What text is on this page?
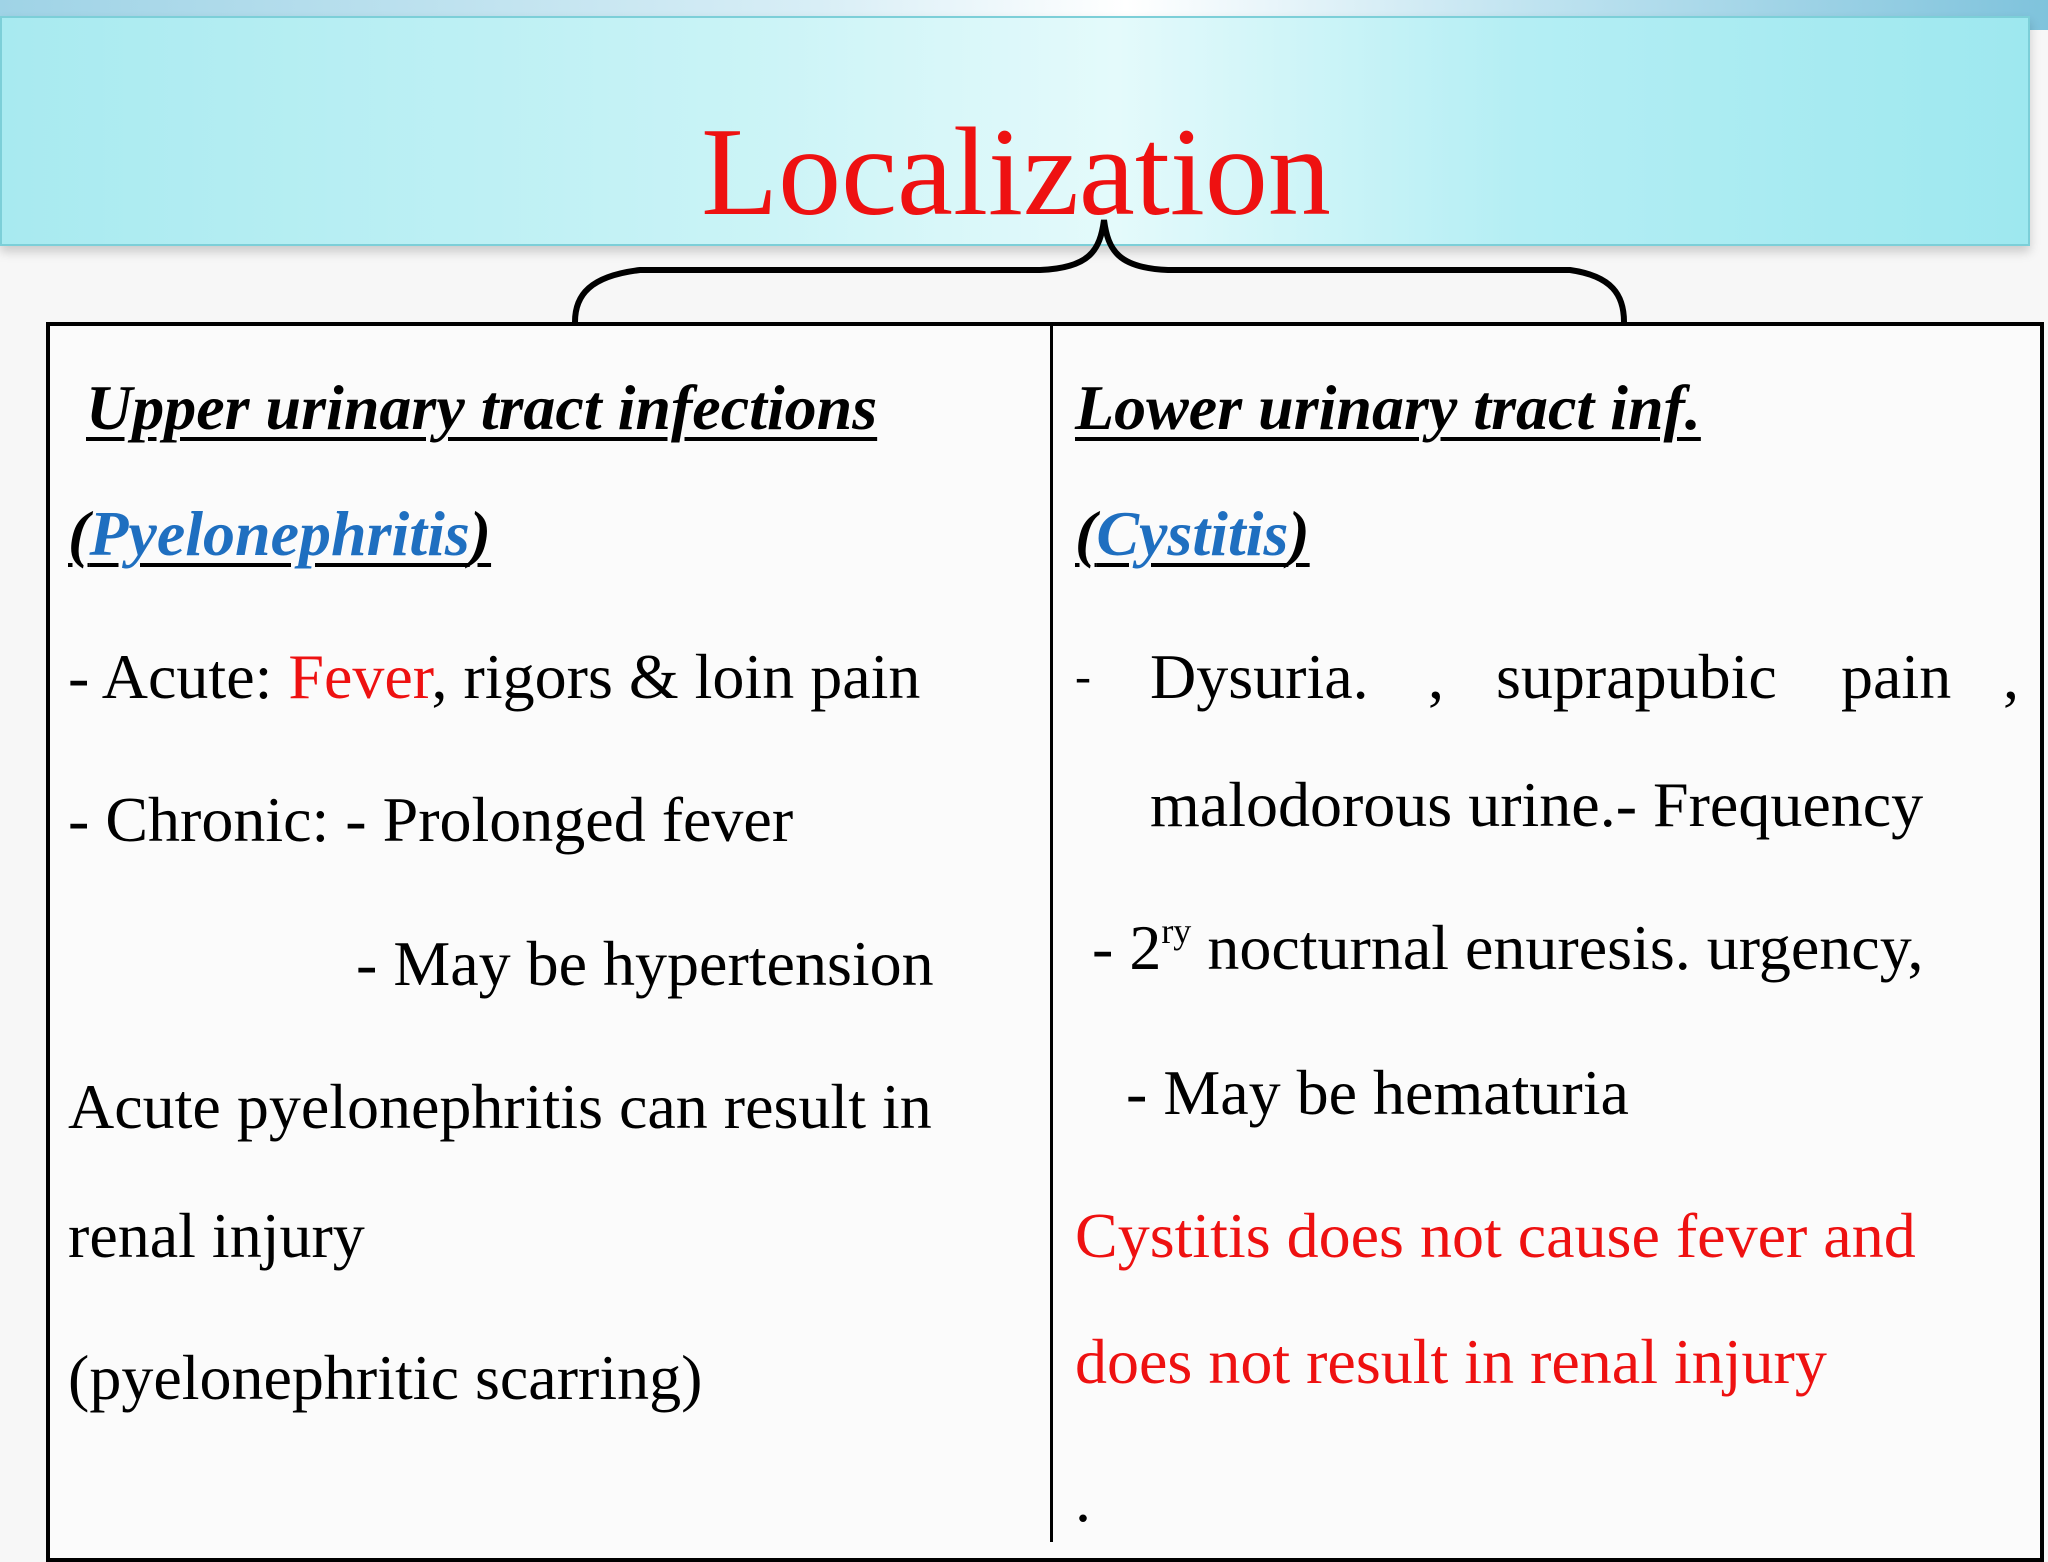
Localization
Upper urinary tract infections
(Pyelonephritis)
- Acute: Fever, rigors & loin pain
- Chronic: - Prolonged fever
- May be hypertension
Acute pyelonephritis can result in
renal injury
(pyelonephritic scarring)
Lower urinary tract inf.
(Cystitis)
- Dysuria. , suprapubic pain ,
malodorous urine.- Frequency
- $2^{ry}$ nocturnal enuresis. urgency,
- May be hematuria
Cystitis does not cause fever and
does not result in renal injury
.
